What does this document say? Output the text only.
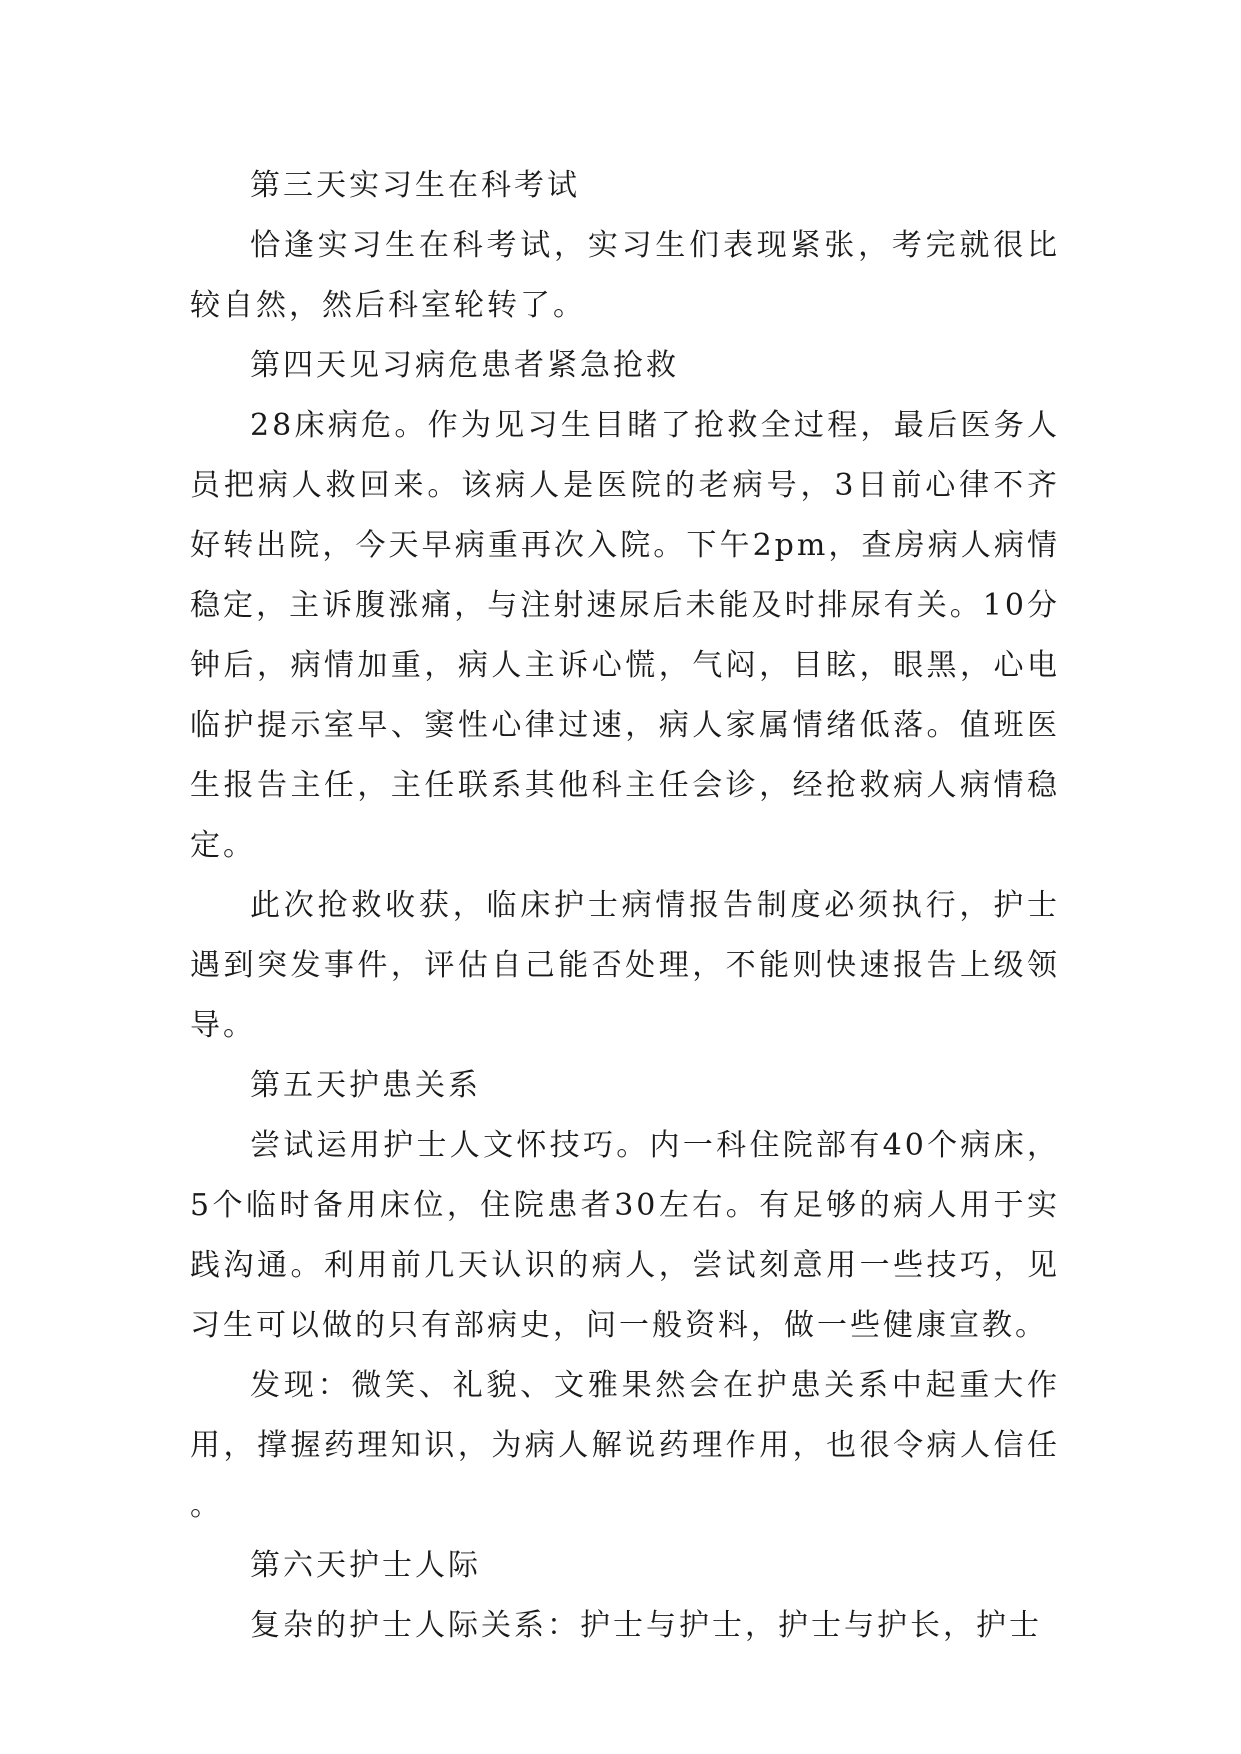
第三天实习生在科考试

恰逢实习生在科考试，实习生们表现紧张，考完就很比较自然，然后科室轮转了。

第四天见习病危患者紧急抢救

28床病危。作为见习生目睹了抢救全过程，最后医务人员把病人救回来。该病人是医院的老病号，3日前心律不齐好转出院，今天早病重再次入院。下午2pm，查房病人病情稳定，主诉腹涨痛，与注射速尿后未能及时排尿有关。10分钟后，病情加重，病人主诉心慌，气闷，目眩，眼黑，心电临护提示室早、窦性心律过速，病人家属情绪低落。值班医生报告主任，主任联系其他科主任会诊，经抢救病人病情稳定。

此次抢救收获，临床护士病情报告制度必须执行，护士遇到突发事件，评估自己能否处理，不能则快速报告上级领导。

第五天护患关系

尝试运用护士人文怀技巧。内一科住院部有40个病床，5个临时备用床位，住院患者30左右。有足够的病人用于实践沟通。利用前几天认识的病人，尝试刻意用一些技巧，见习生可以做的只有部病史，问一般资料，做一些健康宣教。

发现：微笑、礼貌、文雅果然会在护患关系中起重大作用，撑握药理知识，为病人解说药理作用，也很令病人信任。

第六天护士人际

复杂的护士人际关系：护士与护士，护士与护长，护士
